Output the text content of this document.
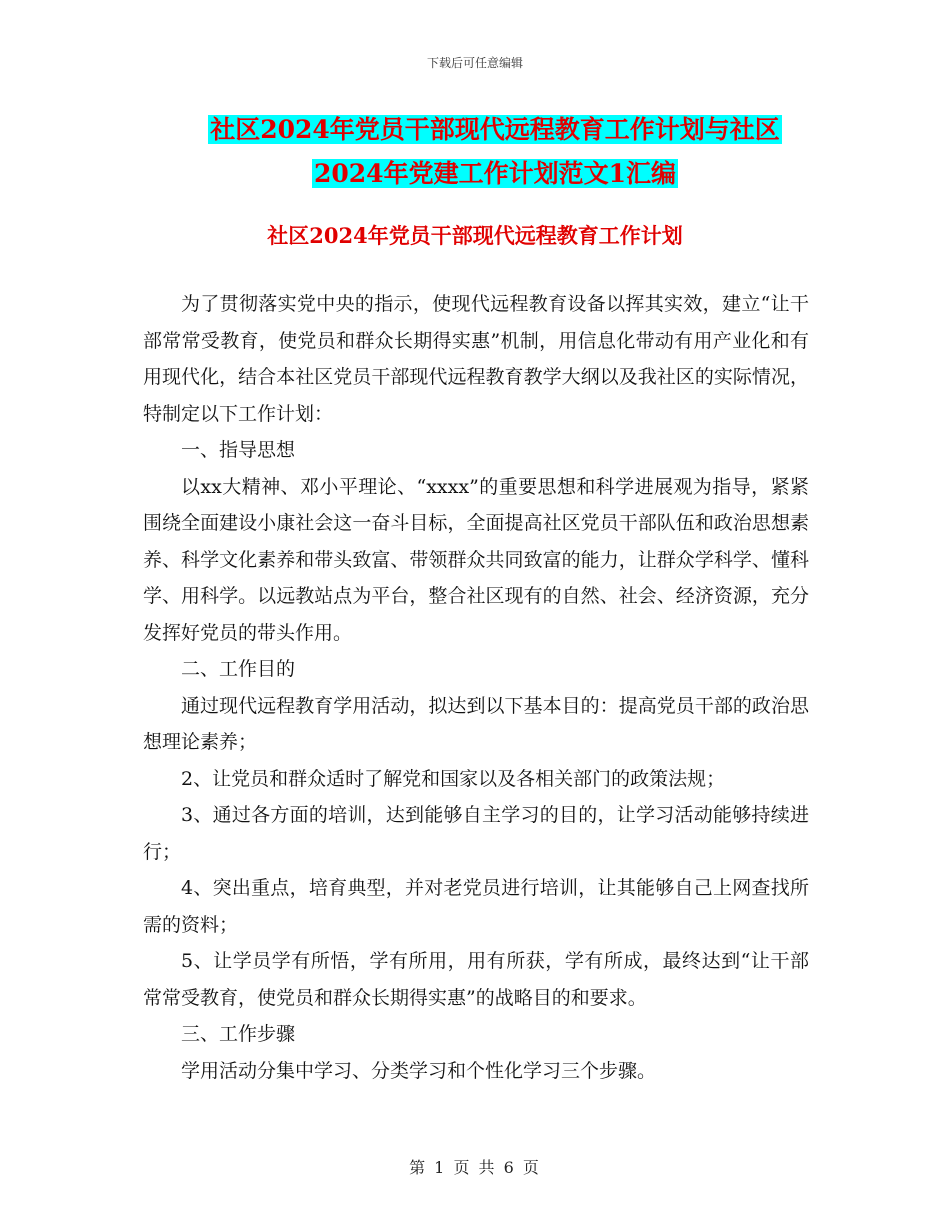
下载后可任意编辑
社区2024年党员干部现代远程教育工作计划与社区
2024年党建工作计划范文1汇编
社区2024年党员干部现代远程教育工作计划

为了贯彻落实党中央的指示，使现代远程教育设备以挥其实效，建立“让干部常常受教育，使党员和群众长期得实惠”机制，用信息化带动有用产业化和有用现代化，结合本社区党员干部现代远程教育教学大纲以及我社区的实际情况，特制定以下工作计划：

一、指导思想

以xx大精神、邓小平理论、“xxxx”的重要思想和科学进展观为指导，紧紧围绕全面建设小康社会这一奋斗目标，全面提高社区党员干部队伍和政治思想素养、科学文化素养和带头致富、带领群众共同致富的能力，让群众学科学、懂科学、用科学。以远教站点为平台，整合社区现有的自然、社会、经济资源，充分发挥好党员的带头作用。

二、工作目的

通过现代远程教育学用活动，拟达到以下基本目的：提高党员干部的政治思想理论素养；

2、让党员和群众适时了解党和国家以及各相关部门的政策法规；

3、通过各方面的培训，达到能够自主学习的目的，让学习活动能够持续进行；

4、突出重点，培育典型，并对老党员进行培训，让其能够自己上网查找所需的资料；

5、让学员学有所悟，学有所用，用有所获，学有所成，最终达到“让干部常常受教育，使党员和群众长期得实惠”的战略目的和要求。

三、工作步骤

学用活动分集中学习、分类学习和个性化学习三个步骤。

第 1 页 共 6 页
